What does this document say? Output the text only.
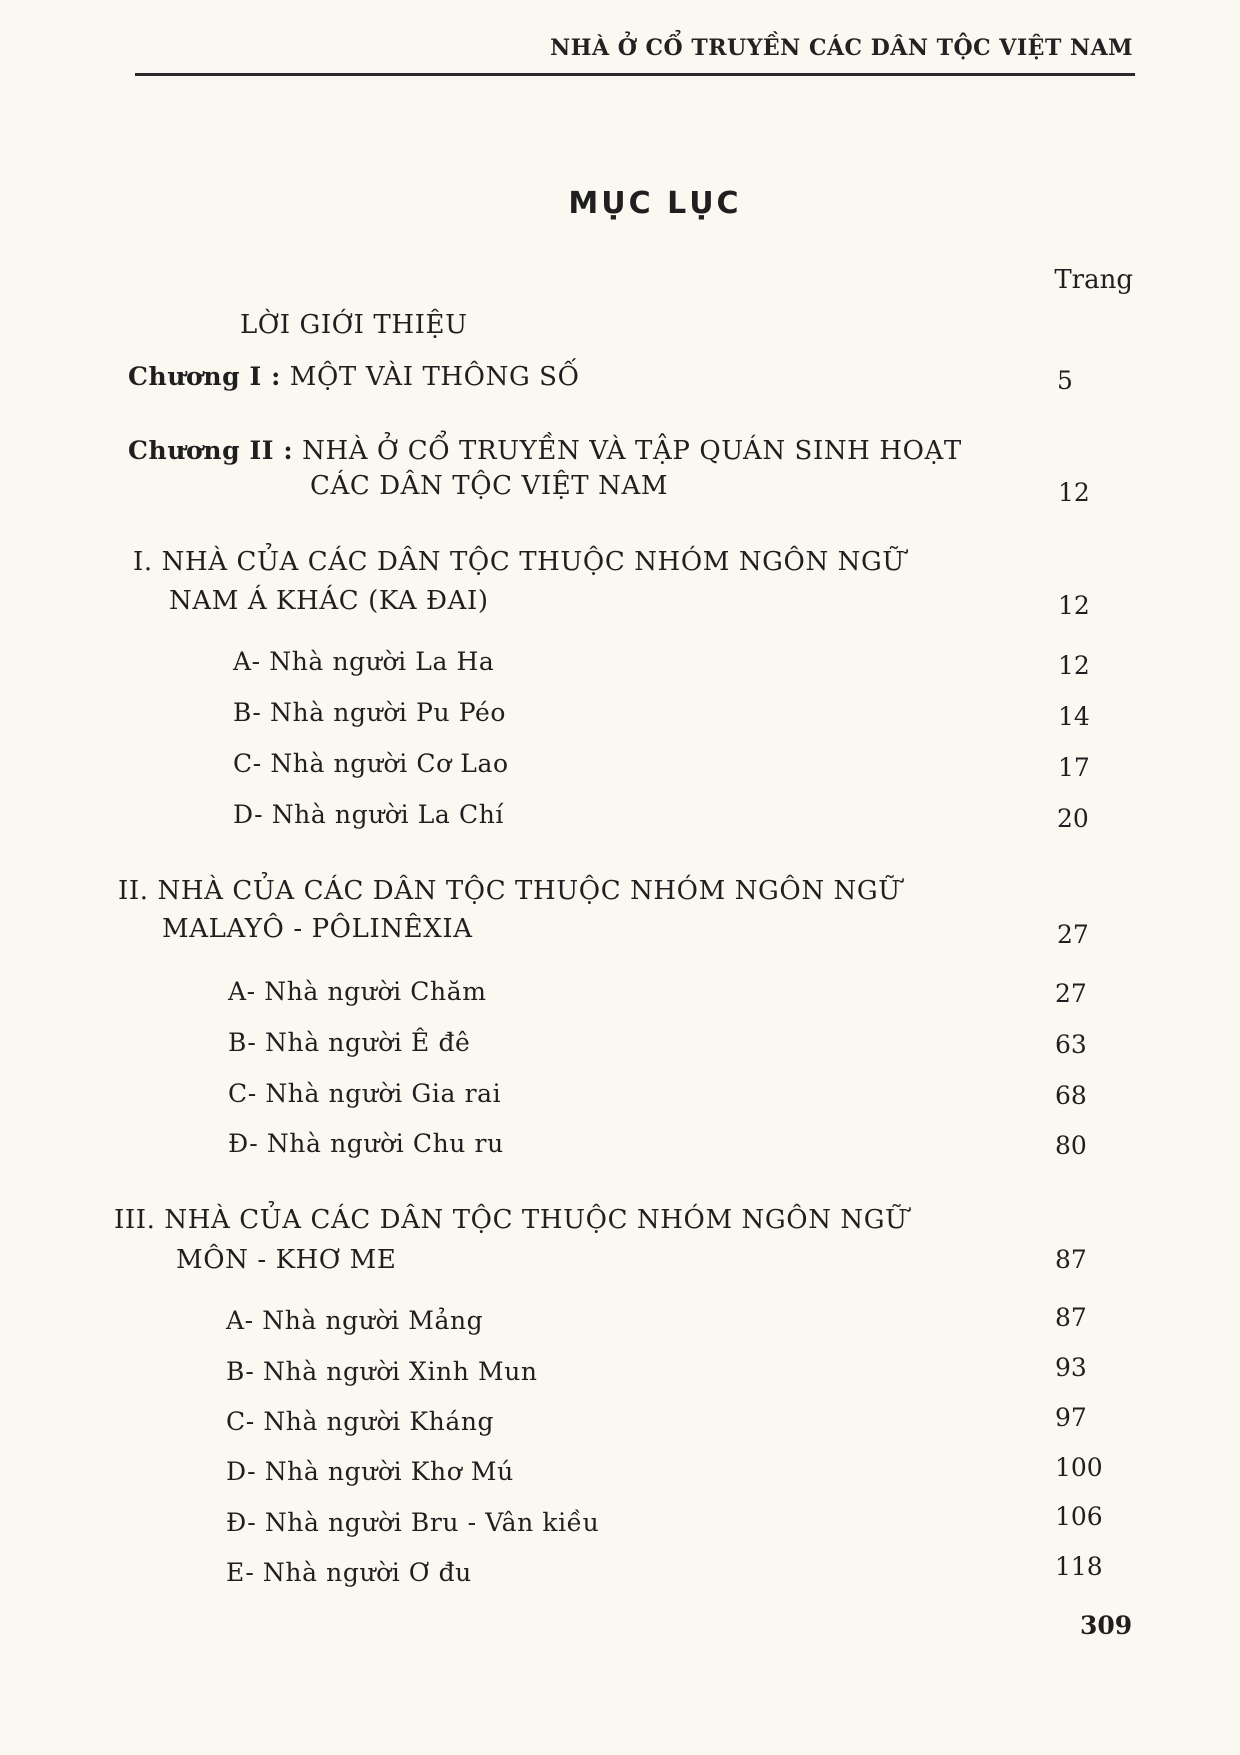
NHÀ Ở CỔ TRUYỀN CÁC DÂN TỘC VIỆT NAM
MỤC LỤC
Trang
LỜI GIỚI THIỆU
Chương I : MỘT VÀI THÔNG SỐ	5
Chương II : NHÀ Ở CỔ TRUYỀN VÀ TẬP QUÁN SINH HOẠT
CÁC DÂN TỘC VIỆT NAM	12
I. NHÀ CỦA CÁC DÂN TỘC THUỘC NHÓM NGÔN NGỮ
NAM Á KHÁC (KA ĐAI)	12
A- Nhà người La Ha	12
B- Nhà người Pu Péo	14
C- Nhà người Cơ Lao	17
D- Nhà người La Chí	20
II. NHÀ CỦA CÁC DÂN TỘC THUỘC NHÓM NGÔN NGỮ
MALAYÔ - PÔLINÊXIA	27
A- Nhà người Chăm	27
B- Nhà người Ê đê	63
C- Nhà người Gia rai	68
Đ- Nhà người Chu ru	80
III. NHÀ CỦA CÁC DÂN TỘC THUỘC NHÓM NGÔN NGỮ
MÔN - KHƠ ME	87
A- Nhà người Mảng	87
B- Nhà người Xinh Mun	93
C- Nhà người Kháng	97
D- Nhà người Khơ Mú	100
Đ- Nhà người Bru - Vân kiều	106
E- Nhà người Ơ đu	118
309
